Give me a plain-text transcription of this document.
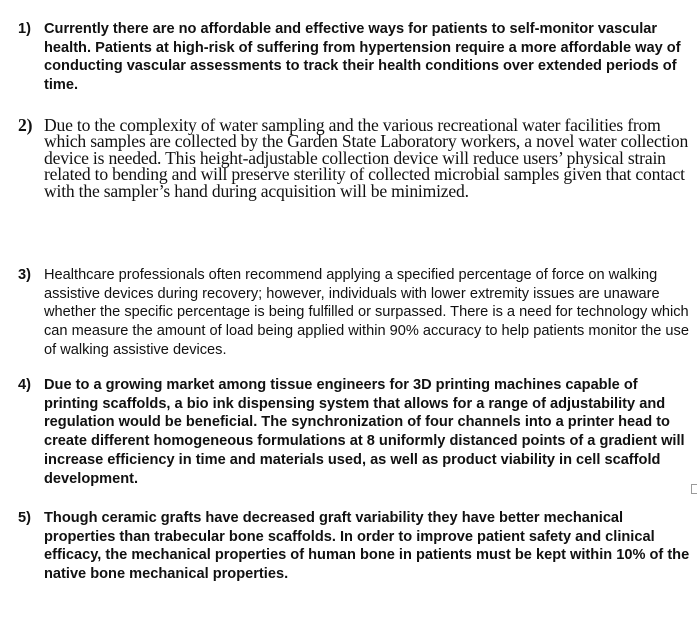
1) Currently there are no affordable and effective ways for patients to self-monitor vascular health. Patients at high-risk of suffering from hypertension require a more affordable way of conducting vascular assessments to track their health conditions over extended periods of time.
2) Due to the complexity of water sampling and the various recreational water facilities from which samples are collected by the Garden State Laboratory workers, a novel water collection device is needed. This height-adjustable collection device will reduce users’ physical strain related to bending and will preserve sterility of collected microbial samples given that contact with the sampler’s hand during acquisition will be minimized.
3) Healthcare professionals often recommend applying a specified percentage of force on walking assistive devices during recovery; however, individuals with lower extremity issues are unaware whether the specific percentage is being fulfilled or surpassed. There is a need for technology which can measure the amount of load being applied within 90% accuracy to help patients monitor the use of walking assistive devices.
4) Due to a growing market among tissue engineers for 3D printing machines capable of printing scaffolds, a bio ink dispensing system that allows for a range of adjustability and regulation would be beneficial. The synchronization of four channels into a printer head to create different homogeneous formulations at 8 uniformly distanced points of a gradient will increase efficiency in time and materials used, as well as product viability in cell scaffold development.
5) Though ceramic grafts have decreased graft variability they have better mechanical properties than trabecular bone scaffolds. In order to improve patient safety and clinical efficacy, the mechanical properties of human bone in patients must be kept within 10% of the native bone mechanical properties.
